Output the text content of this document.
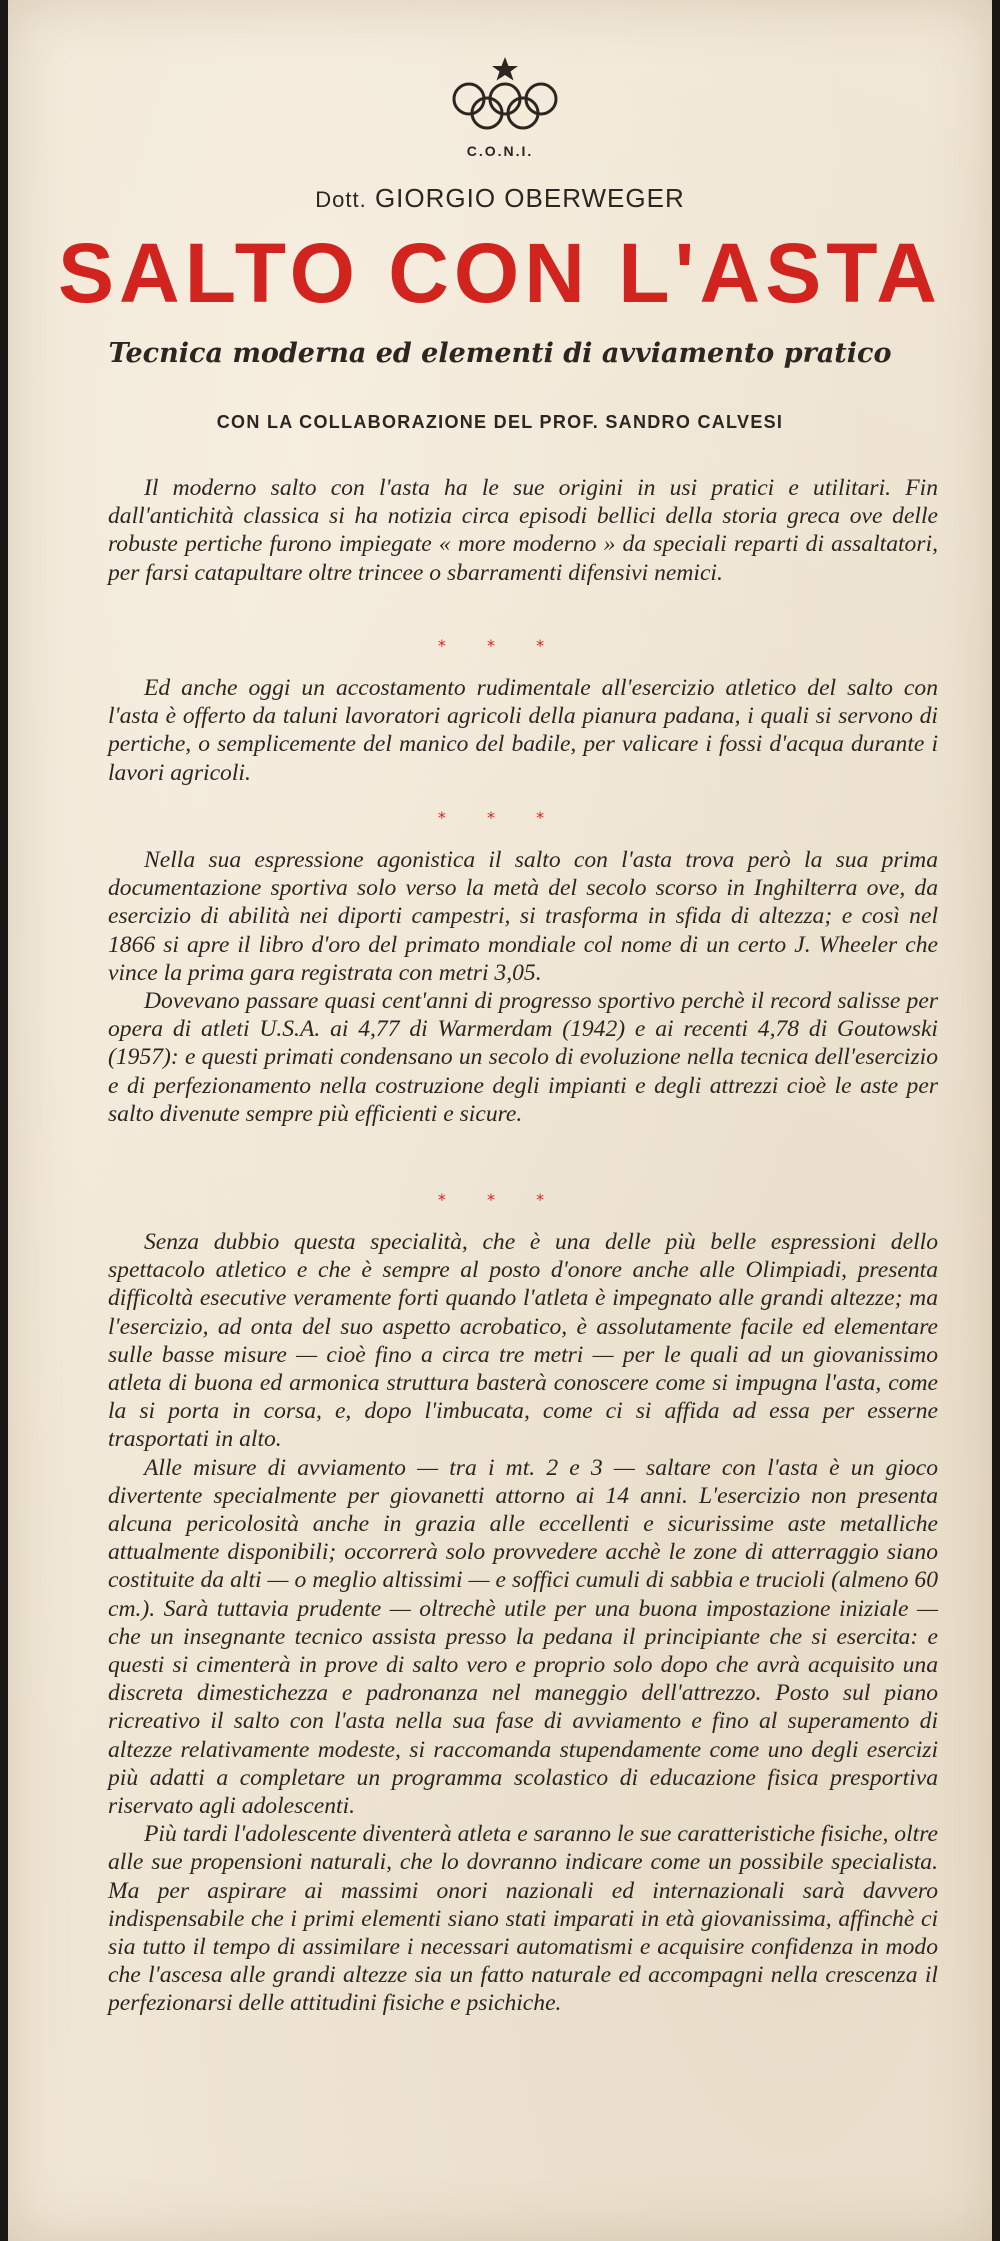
C.O.N.I.
Dott. GIORGIO OBERWEGER
SALTO CON L'ASTA
Tecnica moderna ed elementi di avviamento pratico
CON LA COLLABORAZIONE DEL PROF. SANDRO CALVESI

Il moderno salto con l'asta ha le sue origini in usi pratici e utilitari. Fin dall'antichità classica si ha notizia circa episodi bellici della storia greca ove delle robuste pertiche furono impiegate « more moderno » da speciali reparti di assaltatori, per farsi catapultare oltre trincee o sbarramenti difensivi nemici.

* * *

Ed anche oggi un accostamento rudimentale all'esercizio atletico del salto con l'asta è offerto da taluni lavoratori agricoli della pianura padana, i quali si servono di pertiche, o semplicemente del manico del badile, per valicare i fossi d'acqua durante i lavori agricoli.

* * *

Nella sua espressione agonistica il salto con l'asta trova però la sua prima documentazione sportiva solo verso la metà del secolo scorso in Inghilterra ove, da esercizio di abilità nei diporti campestri, si trasforma in sfida di altezza; e così nel 1866 si apre il libro d'oro del primato mondiale col nome di un certo J. Wheeler che vince la prima gara registrata con metri 3,05.

Dovevano passare quasi cent'anni di progresso sportivo perchè il record salisse per opera di atleti U.S.A. ai 4,77 di Warmerdam (1942) e ai recenti 4,78 di Goutowski (1957): e questi primati condensano un secolo di evoluzione nella tecnica dell'esercizio e di perfezionamento nella costruzione degli impianti e degli attrezzi cioè le aste per salto divenute sempre più efficienti e sicure.

* * *

Senza dubbio questa specialità, che è una delle più belle espressioni dello spettacolo atletico e che è sempre al posto d'onore anche alle Olimpiadi, presenta difficoltà esecutive veramente forti quando l'atleta è impegnato alle grandi altezze; ma l'esercizio, ad onta del suo aspetto acrobatico, è assolutamente facile ed elementare sulle basse misure — cioè fino a circa tre metri — per le quali ad un giovanissimo atleta di buona ed armonica struttura basterà conoscere come si impugna l'asta, come la si porta in corsa, e, dopo l'imbucata, come ci si affida ad essa per esserne trasportati in alto.

Alle misure di avviamento — tra i mt. 2 e 3 — saltare con l'asta è un gioco divertente specialmente per giovanetti attorno ai 14 anni. L'esercizio non presenta alcuna pericolosità anche in grazia alle eccellenti e sicurissime aste metalliche attualmente disponibili; occorrerà solo provvedere acchè le zone di atterraggio siano costituite da alti — o meglio altissimi — e soffici cumuli di sabbia e trucioli (almeno 60 cm.). Sarà tuttavia prudente — oltrechè utile per una buona impostazione iniziale — che un insegnante tecnico assista presso la pedana il principiante che si esercita: e questi si cimenterà in prove di salto vero e proprio solo dopo che avrà acquisito una discreta dimestichezza e padronanza nel maneggio dell'attrezzo. Posto sul piano ricreativo il salto con l'asta nella sua fase di avviamento e fino al superamento di altezze relativamente modeste, si raccomanda stupendamente come uno degli esercizi più adatti a completare un programma scolastico di educazione fisica presportiva riservato agli adolescenti.

Più tardi l'adolescente diventerà atleta e saranno le sue caratteristiche fisiche, oltre alle sue propensioni naturali, che lo dovranno indicare come un possibile specialista. Ma per aspirare ai massimi onori nazionali ed internazionali sarà davvero indispensabile che i primi elementi siano stati imparati in età giovanissima, affinchè ci sia tutto il tempo di assimilare i necessari automatismi e acquisire confidenza in modo che l'ascesa alle grandi altezze sia un fatto naturale ed accompagni nella crescenza il perfezionarsi delle attitudini fisiche e psichiche.
